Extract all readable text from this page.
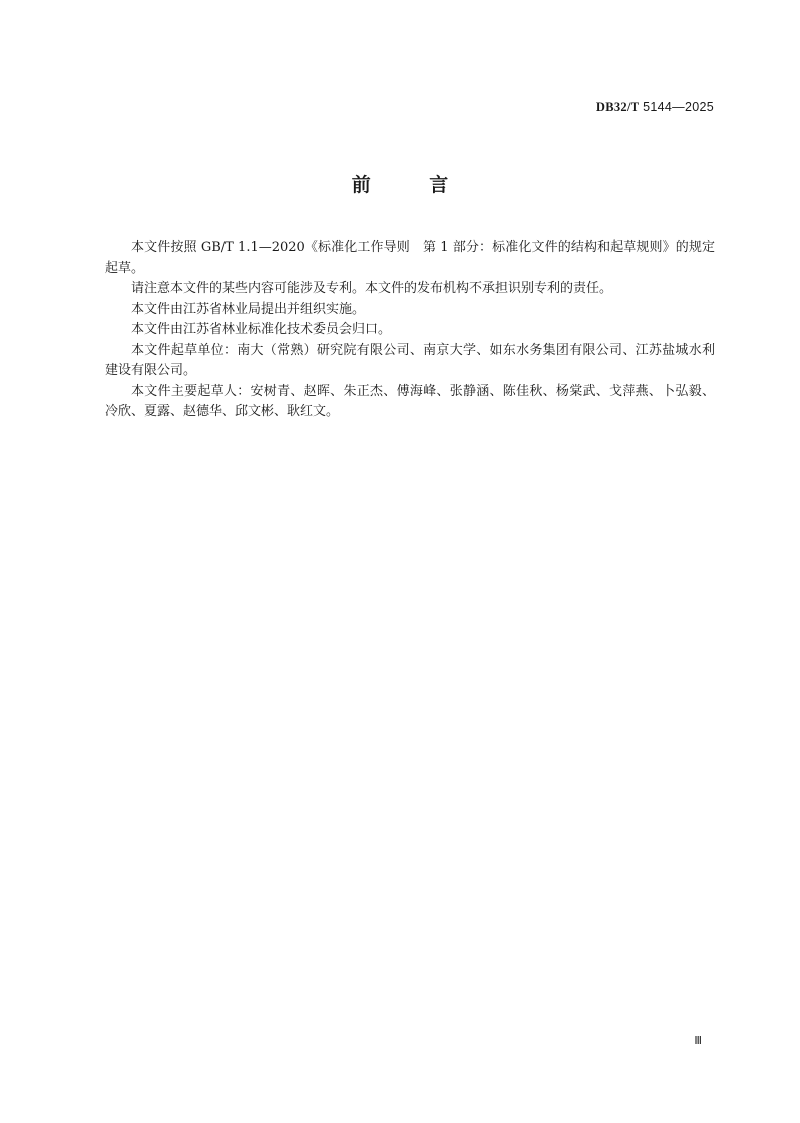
DB32/T 5144—2025
前 言

本文件按照 GB/T 1.1—2020《标准化工作导则　第 1 部分：标准化文件的结构和起草规则》的规定起草。

请注意本文件的某些内容可能涉及专利。本文件的发布机构不承担识别专利的责任。

本文件由江苏省林业局提出并组织实施。

本文件由江苏省林业标准化技术委员会归口。

本文件起草单位：南大（常熟）研究院有限公司、南京大学、如东水务集团有限公司、江苏盐城水利建设有限公司。

本文件主要起草人：安树青、赵晖、朱正杰、傅海峰、张静涵、陈佳秋、杨棠武、戈萍燕、卜弘毅、冷欣、夏露、赵德华、邱文彬、耿红文。

Ⅲ
